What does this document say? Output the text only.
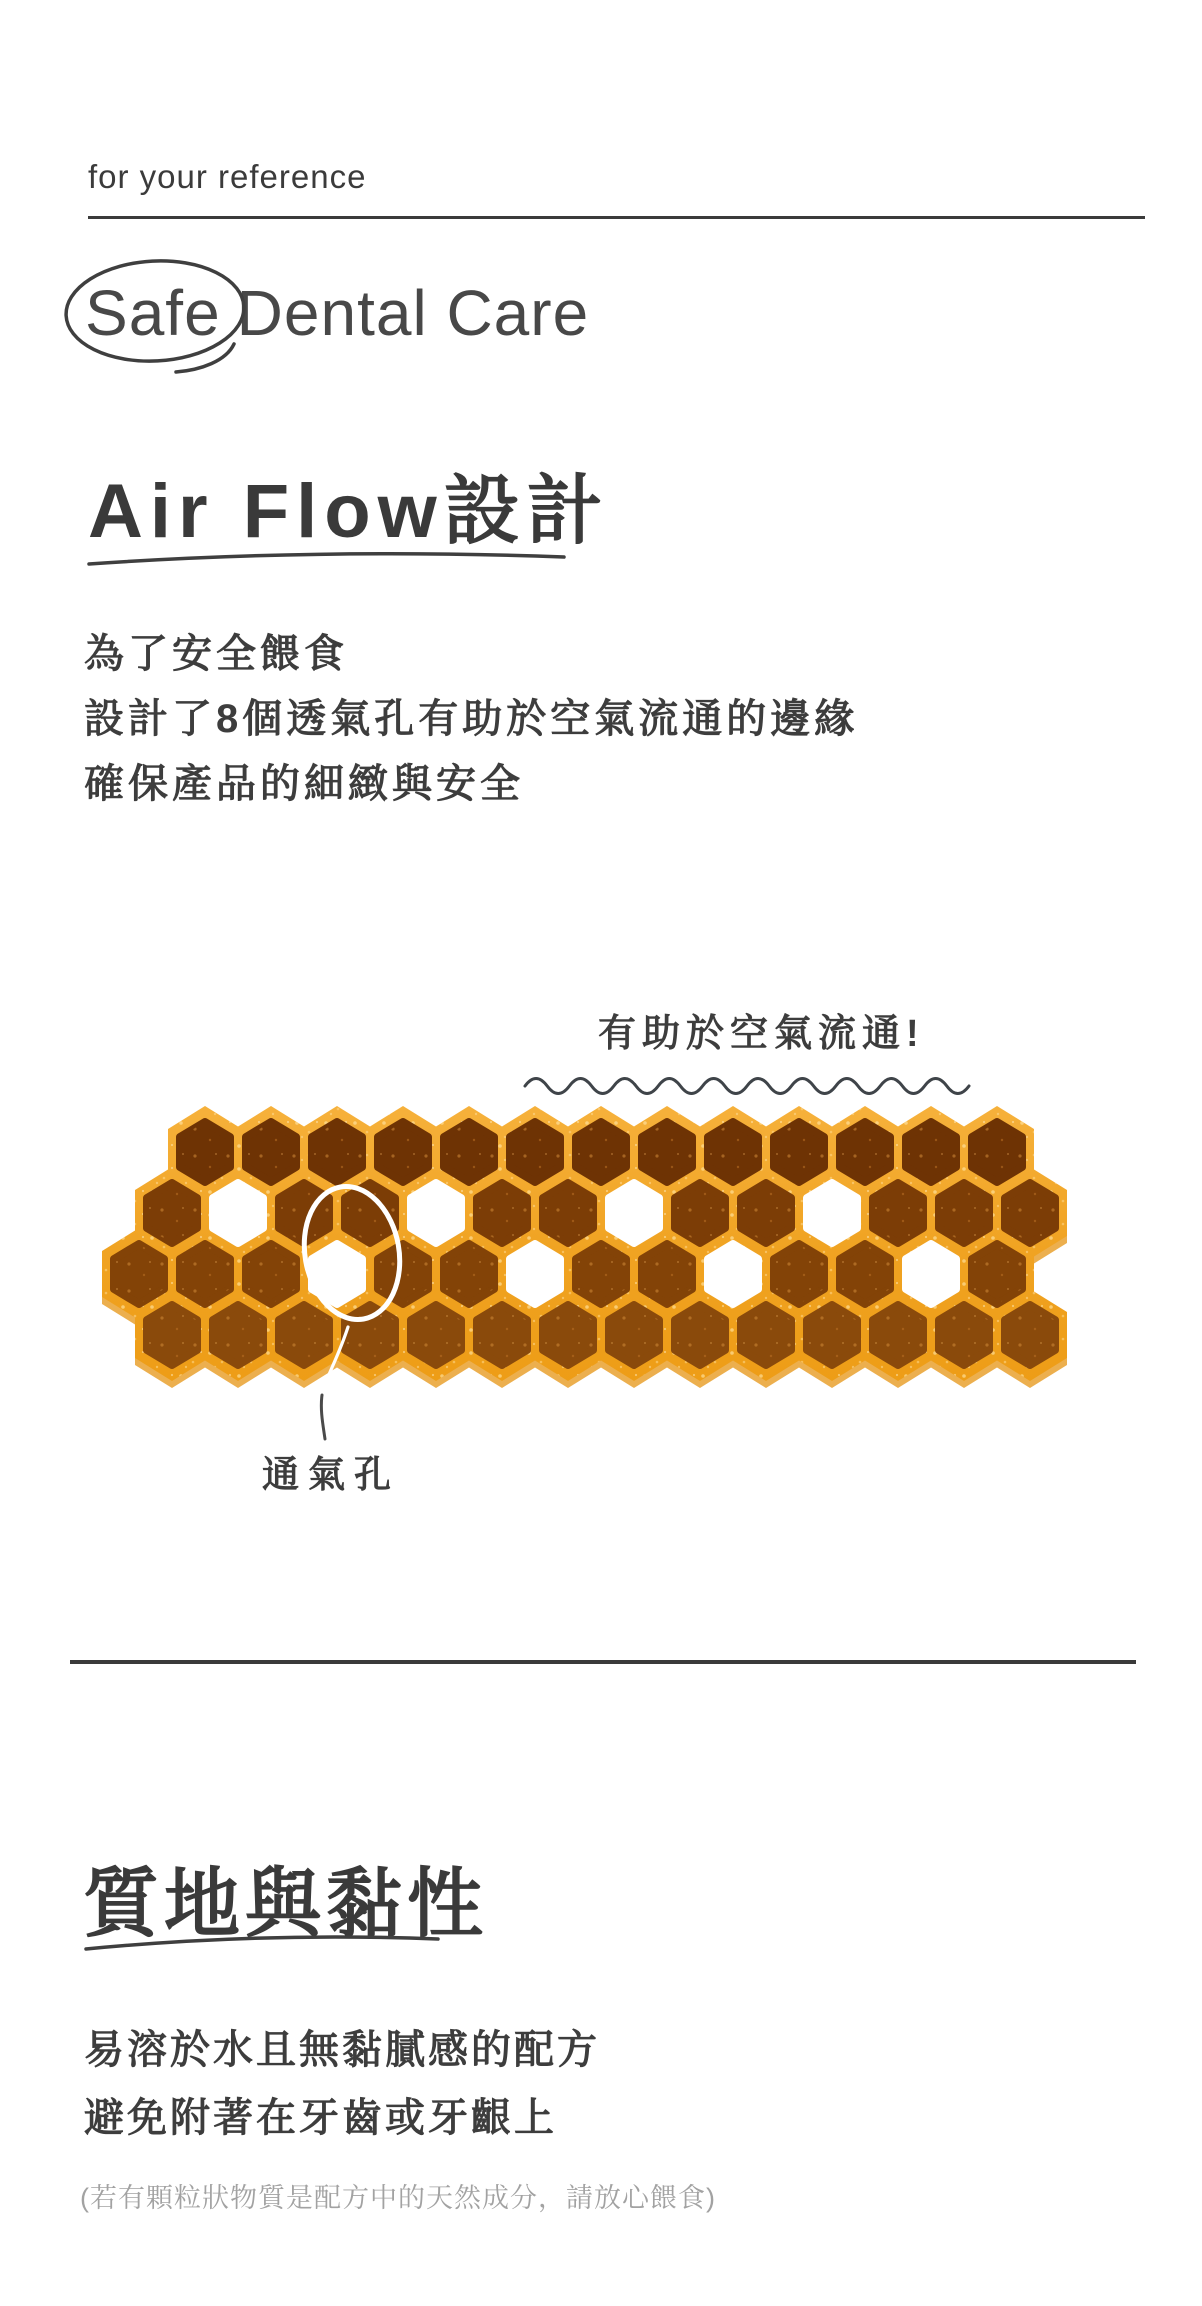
for your reference
Safe Dental Care
Air Flow設計
為了安全餵食
設計了8個透氣孔有助於空氣流通的邊緣
確保產品的細緻與安全
有助於空氣流通!
通氣孔
質地與黏性
易溶於水且無黏膩感的配方
避免附著在牙齒或牙齦上
(若有顆粒狀物質是配方中的天然成分，請放心餵食)
